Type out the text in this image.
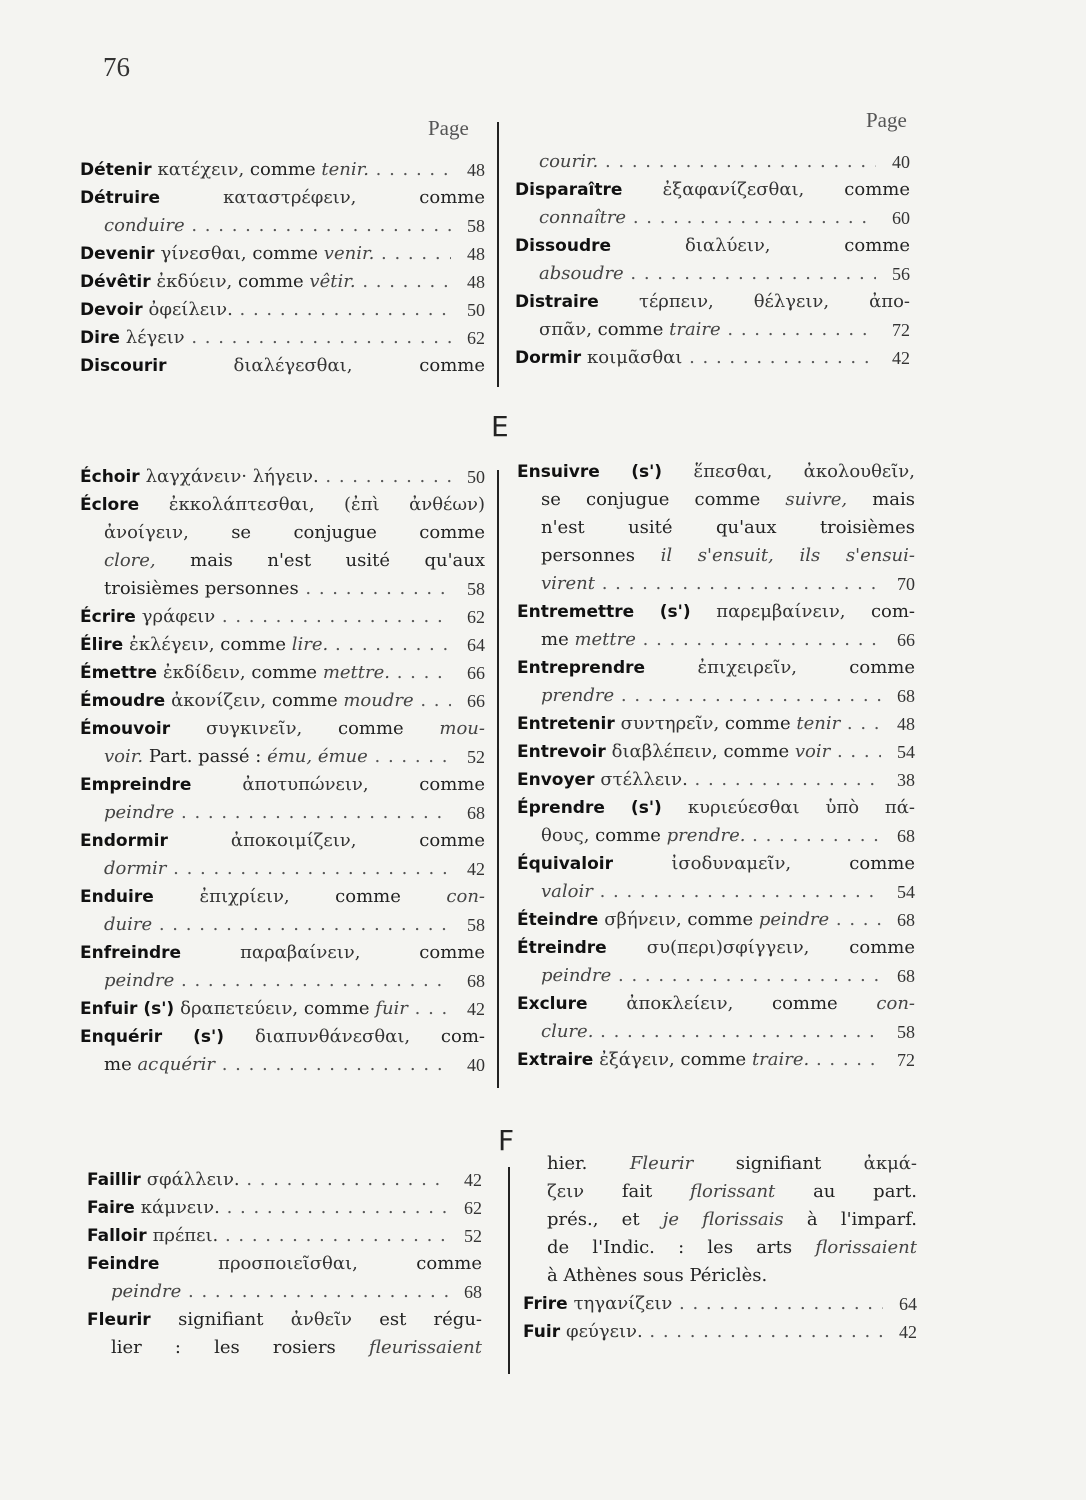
76
Page	Page
E
F
Détenir κατέχειν, comme tenir. . . .	48
Détruire καταστρέφειν, comme
conduire . . .	58
Devenir γίνεσθαι, comme venir. . . .	48
Dévêtir ἐκδύειν, comme vêtir. . . .	48
Devoir ὀφείλειν. . . .	50
Dire λέγειν . . .	62
Discourir διαλέγεσθαι, comme
courir. . . .	40
Disparaître ἐξαφανίζεσθαι, comme
connaître . . .	60
Dissoudre διαλύειν, comme
absoudre . . .	56
Distraire τέρπειν, θέλγειν, ἀπο-
σπᾶν, comme traire . . .	72
Dormir κοιμᾶσθαι . . .	42
Échoir λαγχάνειν· λήγειν. . . .	50
Éclore ἐκκολάπτεσθαι, (ἐπὶ ἀνθέων)
ἀνοίγειν, se conjugue comme
clore, mais n'est usité qu'aux
troisièmes personnes . . .	58
Écrire γράφειν . . .	62
Élire ἐκλέγειν, comme lire. . . .	64
Émettre ἐκδίδειν, comme mettre. . . .	66
Émoudre ἀκονίζειν, comme moudre . . .	66
Émouvoir συγκινεῖν, comme mou-
voir. Part. passé : ému, émue . . .	52
Empreindre ἀποτυπώνειν, comme
peindre . . .	68
Endormir ἀποκοιμίζειν, comme
dormir . . .	42
Enduire ἐπιχρίειν, comme con-
duire . . .	58
Enfreindre παραβαίνειν, comme
peindre . . .	68
Enfuir (s') δραπετεύειν, comme fuir . . .	42
Enquérir (s') διαπυνθάνεσθαι, com-
me acquérir . . .	40
Ensuivre (s') ἕπεσθαι, ἀκολουθεῖν,
se conjugue comme suivre, mais
n'est usité qu'aux troisièmes
personnes il s'ensuit, ils s'ensui-
virent . . .	70
Entremettre (s') παρεμβαίνειν, com-
me mettre . . .	66
Entreprendre ἐπιχειρεῖν, comme
prendre . . .	68
Entretenir συντηρεῖν, comme tenir . . .	48
Entrevoir διαβλέπειν, comme voir . . .	54
Envoyer στέλλειν. . . .	38
Éprendre (s') κυριεύεσθαι ὑπὸ πά-
θους, comme prendre. . . .	68
Équivaloir ἰσοδυναμεῖν, comme
valoir . . .	54
Éteindre σβήνειν, comme peindre . . .	68
Étreindre συ(περι)σφίγγειν, comme
peindre . . .	68
Exclure ἀποκλείειν, comme con-
clure. . . .	58
Extraire ἐξάγειν, comme traire. . . .	72
Faillir σφάλλειν. . . .	42
Faire κάμνειν. . . .	62
Falloir πρέπει. . . .	52
Feindre προσποιεῖσθαι, comme
peindre . . .	68
Fleurir signifiant ἀνθεῖν est régu-
lier : les rosiers fleurissaient
hier. Fleurir signifiant ἀκμά-
ζειν fait florissant au part.
prés., et je florissais à l'imparf.
de l'Indic. : les arts florissaient
à Athènes sous Périclès.
Frire τηγανίζειν . . .	64
Fuir φεύγειν. . . .	42
